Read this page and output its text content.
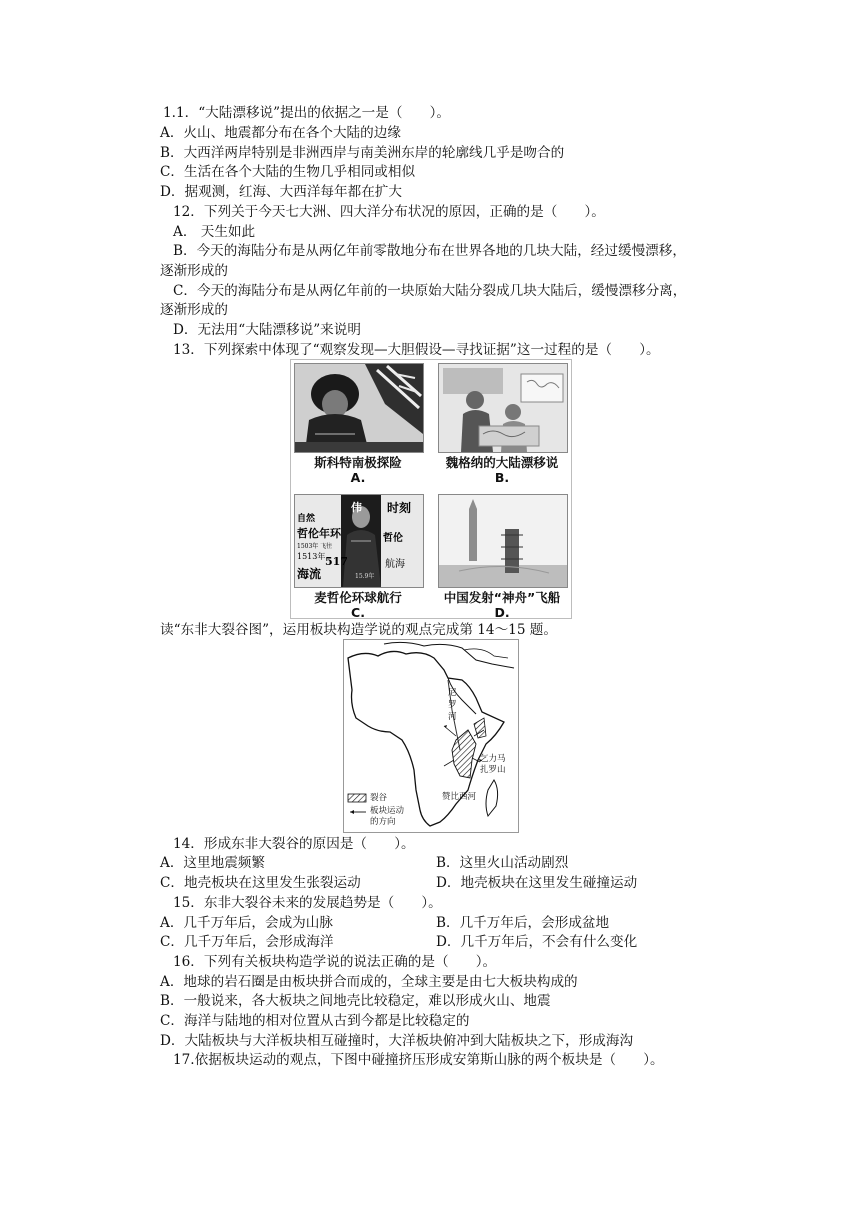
1.1．“大陆漂移说”提出的依据之一是（　　）。
A．火山、地震都分布在各个大陆的边缘
B．大西洋两岸特别是非洲西岸与南美洲东岸的轮廓线几乎是吻合的
C．生活在各个大陆的生物几乎相同或相似
D．据观测，红海、大西洋每年都在扩大
12．下列关于今天七大洲、四大洋分布状况的原因，正确的是（　　）。
A． 天生如此
B．今天的海陆分布是从两亿年前零散地分布在世界各地的几块大陆，经过缓慢漂移，
逐渐形成的
C．今天的海陆分布是从两亿年前的一块原始大陆分裂成几块大陆后，缓慢漂移分离，
逐渐形成的
D．无法用“大陆漂移说”来说明
13．下列探索中体现了“观察发现—大胆假设—寻找证据”这一过程的是（　　）。
斯科特南极探险
A.
魏格纳的大陆漂移说
B.
伟 时刻
哲伦年环
1503年 飞往
1513年
海流
517
15.9年
自然
哲伦
航海
麦哲伦环球航行
C.
中国发射“神舟”飞船
D.
读“东非大裂谷图”，运用板块构造学说的观点完成第 14～15 题。
尼
罗
河
乞力马
扎罗山
赞比西河
裂谷
板块运动
的方向
14．形成东非大裂谷的原因是（　　）。
A．这里地震频繁	B．这里火山活动剧烈
C．地壳板块在这里发生张裂运动	D．地壳板块在这里发生碰撞运动
15．东非大裂谷未来的发展趋势是（　　）。
A．几千万年后，会成为山脉	B．几千万年后，会形成盆地
C．几千万年后，会形成海洋	D．几千万年后，不会有什么变化
16．下列有关板块构造学说的说法正确的是（　　）。
A．地球的岩石圈是由板块拼合而成的，全球主要是由七大板块构成的
B．一般说来，各大板块之间地壳比较稳定，难以形成火山、地震
C．海洋与陆地的相对位置从古到今都是比较稳定的
D．大陆板块与大洋板块相互碰撞时，大洋板块俯冲到大陆板块之下，形成海沟
17.依据板块运动的观点，下图中碰撞挤压形成安第斯山脉的两个板块是（　　）。
